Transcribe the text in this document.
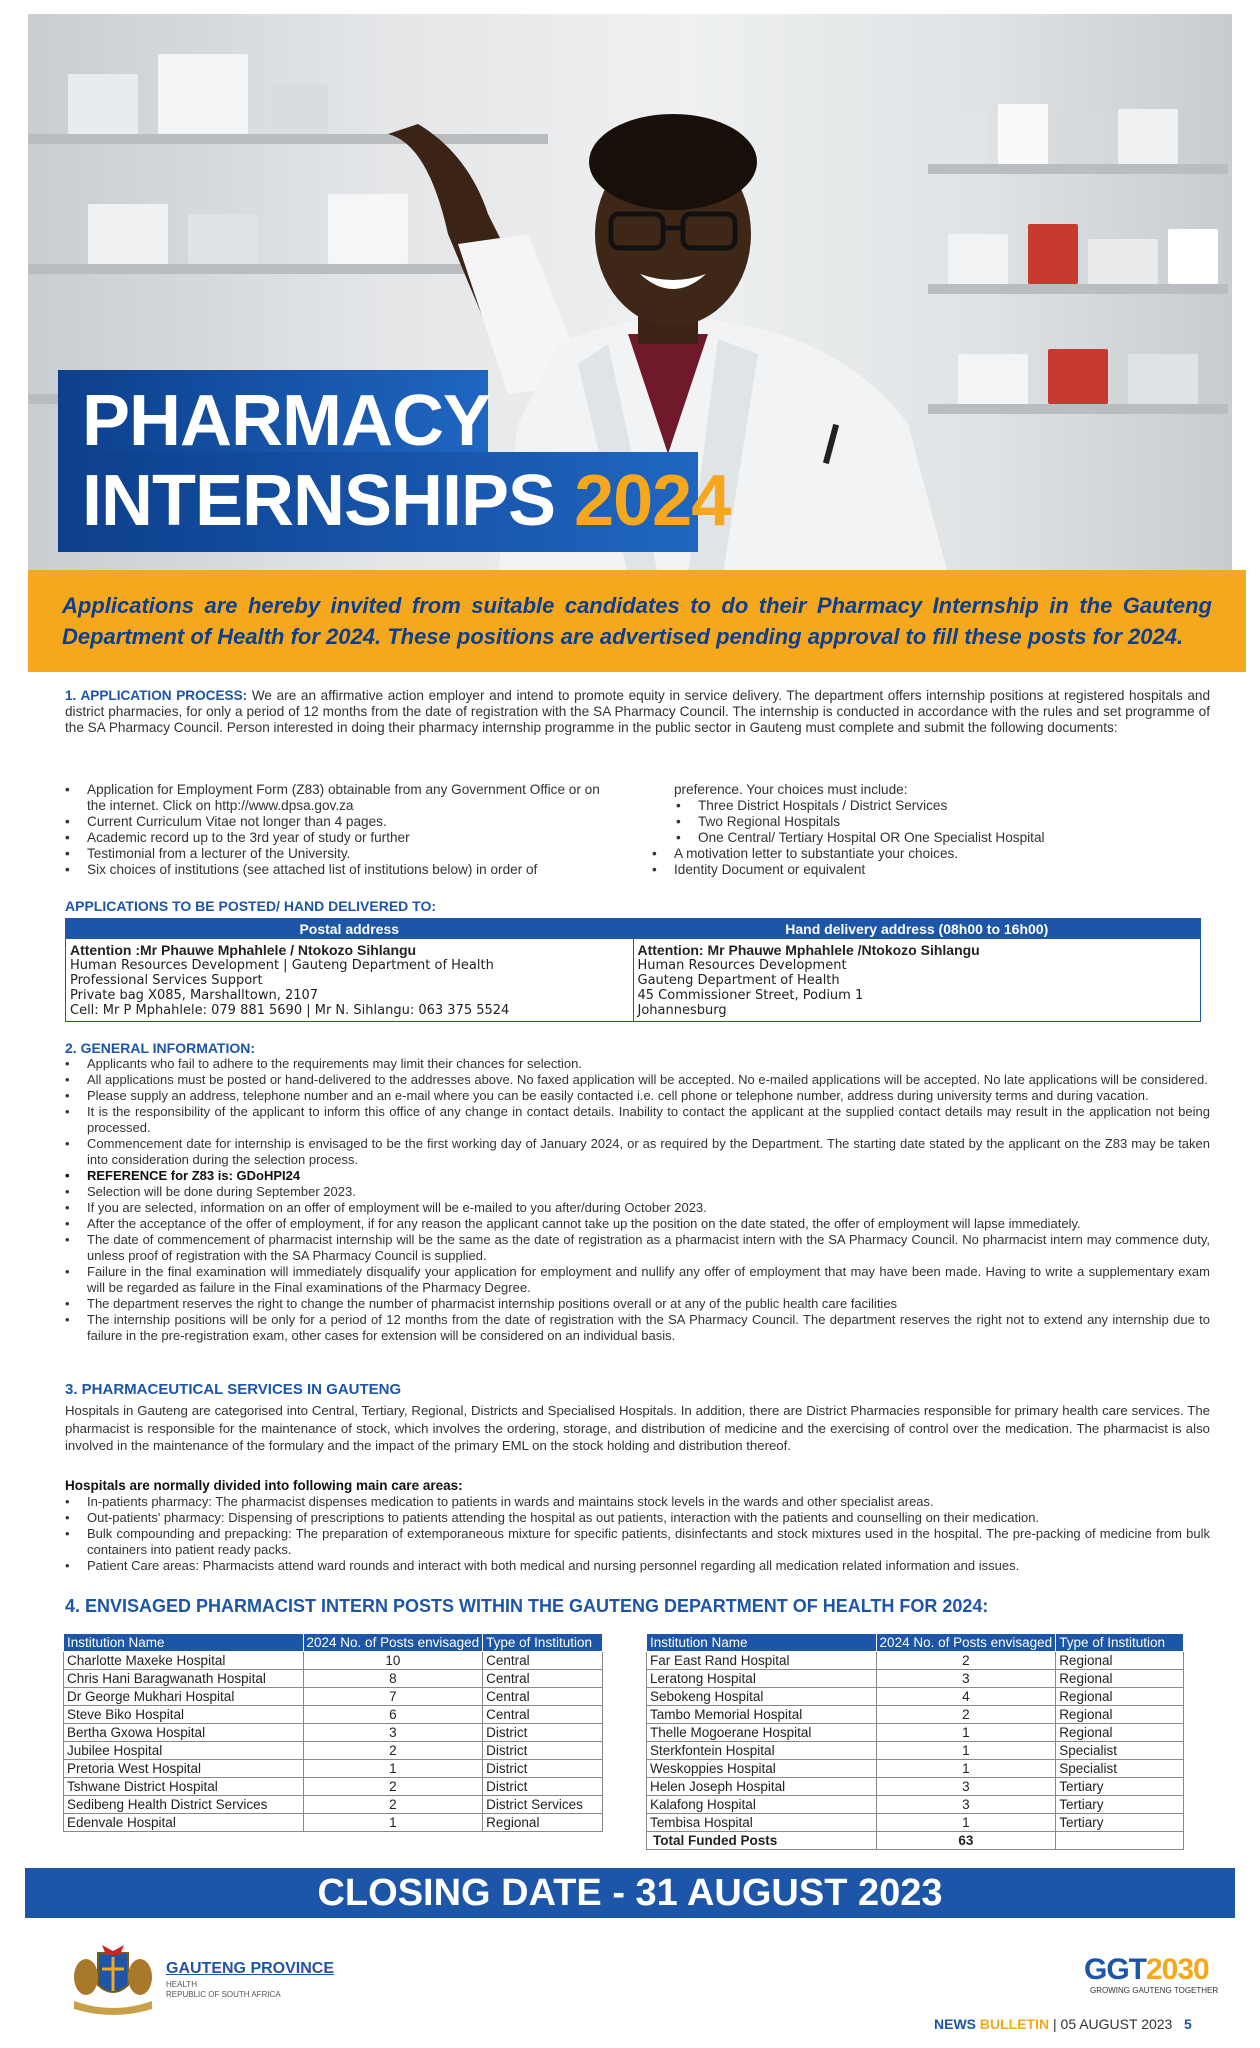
PHARMACY
INTERNSHIPS 2024

Applications are hereby invited from suitable candidates to do their Pharmacy Internship in the Gauteng Department of Health for 2024. These positions are advertised pending approval to fill these posts for 2024.

1. APPLICATION PROCESS: We are an affirmative action employer and intend to promote equity in service delivery. The department offers internship positions at registered hospitals and district pharmacies, for only a period of 12 months from the date of registration with the SA Pharmacy Council. The internship is conducted in accordance with the rules and set programme of the SA Pharmacy Council. Person interested in doing their pharmacy internship programme in the public sector in Gauteng must complete and submit the following documents:
• Application for Employment Form (Z83) obtainable from any Government Office or on the internet. Click on http://www.dpsa.gov.za
• Current Curriculum Vitae not longer than 4 pages.
• Academic record up to the 3rd year of study or further
• Testimonial from a lecturer of the University.
• Six choices of institutions (see attached list of institutions below) in order of
preference. Your choices must include:
• Three District Hospitals / District Services
• Two Regional Hospitals
• One Central/ Tertiary Hospital OR One Specialist Hospital
• A motivation letter to substantiate your choices.
• Identity Document or equivalent
APPLICATIONS TO BE POSTED/ HAND DELIVERED TO:
Postal address
Attention :Mr Phauwe Mphahlele / Ntokozo Sihlangu
Human Resources Development | Gauteng Department of Health
Professional Services Support
Private bag X085, Marshalltown, 2107
Cell: Mr P Mphahlele: 079 881 5690 | Mr N. Sihlangu: 063 375 5524
Hand delivery address (08h00 to 16h00)
Attention: Mr Phauwe Mphahlele /Ntokozo Sihlangu
Human Resources Development
Gauteng Department of Health
45 Commissioner Street, Podium 1
Johannesburg
2. GENERAL INFORMATION:
• Applicants who fail to adhere to the requirements may limit their chances for selection.
• All applications must be posted or hand-delivered to the addresses above. No faxed application will be accepted. No e-mailed applications will be accepted. No late applications will be considered.
• Please supply an address, telephone number and an e-mail where you can be easily contacted i.e. cell phone or telephone number, address during university terms and during vacation.
• It is the responsibility of the applicant to inform this office of any change in contact details. Inability to contact the applicant at the supplied contact details may result in the application not being processed.
• Commencement date for internship is envisaged to be the first working day of January 2024, or as required by the Department. The starting date stated by the applicant on the Z83 may be taken into consideration during the selection process.
• REFERENCE for Z83 is: GDoHPI24
• Selection will be done during September 2023.
• If you are selected, information on an offer of employment will be e-mailed to you after/during October 2023.
• After the acceptance of the offer of employment, if for any reason the applicant cannot take up the position on the date stated, the offer of employment will lapse immediately.
• The date of commencement of pharmacist internship will be the same as the date of registration as a pharmacist intern with the SA Pharmacy Council. No pharmacist intern may commence duty, unless proof of registration with the SA Pharmacy Council is supplied.
• Failure in the final examination will immediately disqualify your application for employment and nullify any offer of employment that may have been made. Having to write a supplementary exam will be regarded as failure in the Final examinations of the Pharmacy Degree.
• The department reserves the right to change the number of pharmacist internship positions overall or at any of the public health care facilities
• The internship positions will be only for a period of 12 months from the date of registration with the SA Pharmacy Council. The department reserves the right not to extend any internship due to failure in the pre-registration exam, other cases for extension will be considered on an individual basis.
3. PHARMACEUTICAL SERVICES IN GAUTENG
Hospitals in Gauteng are categorised into Central, Tertiary, Regional, Districts and Specialised Hospitals. In addition, there are District Pharmacies responsible for primary health care services. The pharmacist is responsible for the maintenance of stock, which involves the ordering, storage, and distribution of medicine and the exercising of control over the medication. The pharmacist is also involved in the maintenance of the formulary and the impact of the primary EML on the stock holding and distribution thereof.
Hospitals are normally divided into following main care areas:
• In-patients pharmacy: The pharmacist dispenses medication to patients in wards and maintains stock levels in the wards and other specialist areas.
• Out-patients' pharmacy: Dispensing of prescriptions to patients attending the hospital as out patients, interaction with the patients and counselling on their medication.
• Bulk compounding and prepacking: The preparation of extemporaneous mixture for specific patients, disinfectants and stock mixtures used in the hospital. The pre-packing of medicine from bulk containers into patient ready packs.
• Patient Care areas: Pharmacists attend ward rounds and interact with both medical and nursing personnel regarding all medication related information and issues.
4. ENVISAGED PHARMACIST INTERN POSTS WITHIN THE GAUTENG DEPARTMENT OF HEALTH FOR 2024:
Institution Name	2024 No. of Posts envisaged	Type of Institution
Charlotte Maxeke Hospital	10	Central
Chris Hani Baragwanath Hospital	8	Central
Dr George Mukhari Hospital	7	Central
Steve Biko Hospital	6	Central
Bertha Gxowa Hospital	3	District
Jubilee Hospital	2	District
Pretoria West Hospital	1	District
Tshwane District Hospital	2	District
Sedibeng Health District Services	2	District Services
Edenvale Hospital	1	Regional
Institution Name	2024 No. of Posts envisaged	Type of Institution
Far East Rand Hospital	2	Regional
Leratong Hospital	3	Regional
Sebokeng Hospital	4	Regional
Tambo Memorial Hospital	2	Regional
Thelle Mogoerane Hospital	1	Regional
Sterkfontein Hospital	1	Specialist
Weskoppies Hospital	1	Specialist
Helen Joseph Hospital	3	Tertiary
Kalafong Hospital	3	Tertiary
Tembisa Hospital	1	Tertiary
Total Funded Posts	63	
CLOSING DATE - 31 AUGUST 2023
GAUTENG PROVINCE
HEALTH
REPUBLIC OF SOUTH AFRICA
GGT2030
GROWING GAUTENG TOGETHER
NEWS BULLETIN | 05 AUGUST 2023 5
